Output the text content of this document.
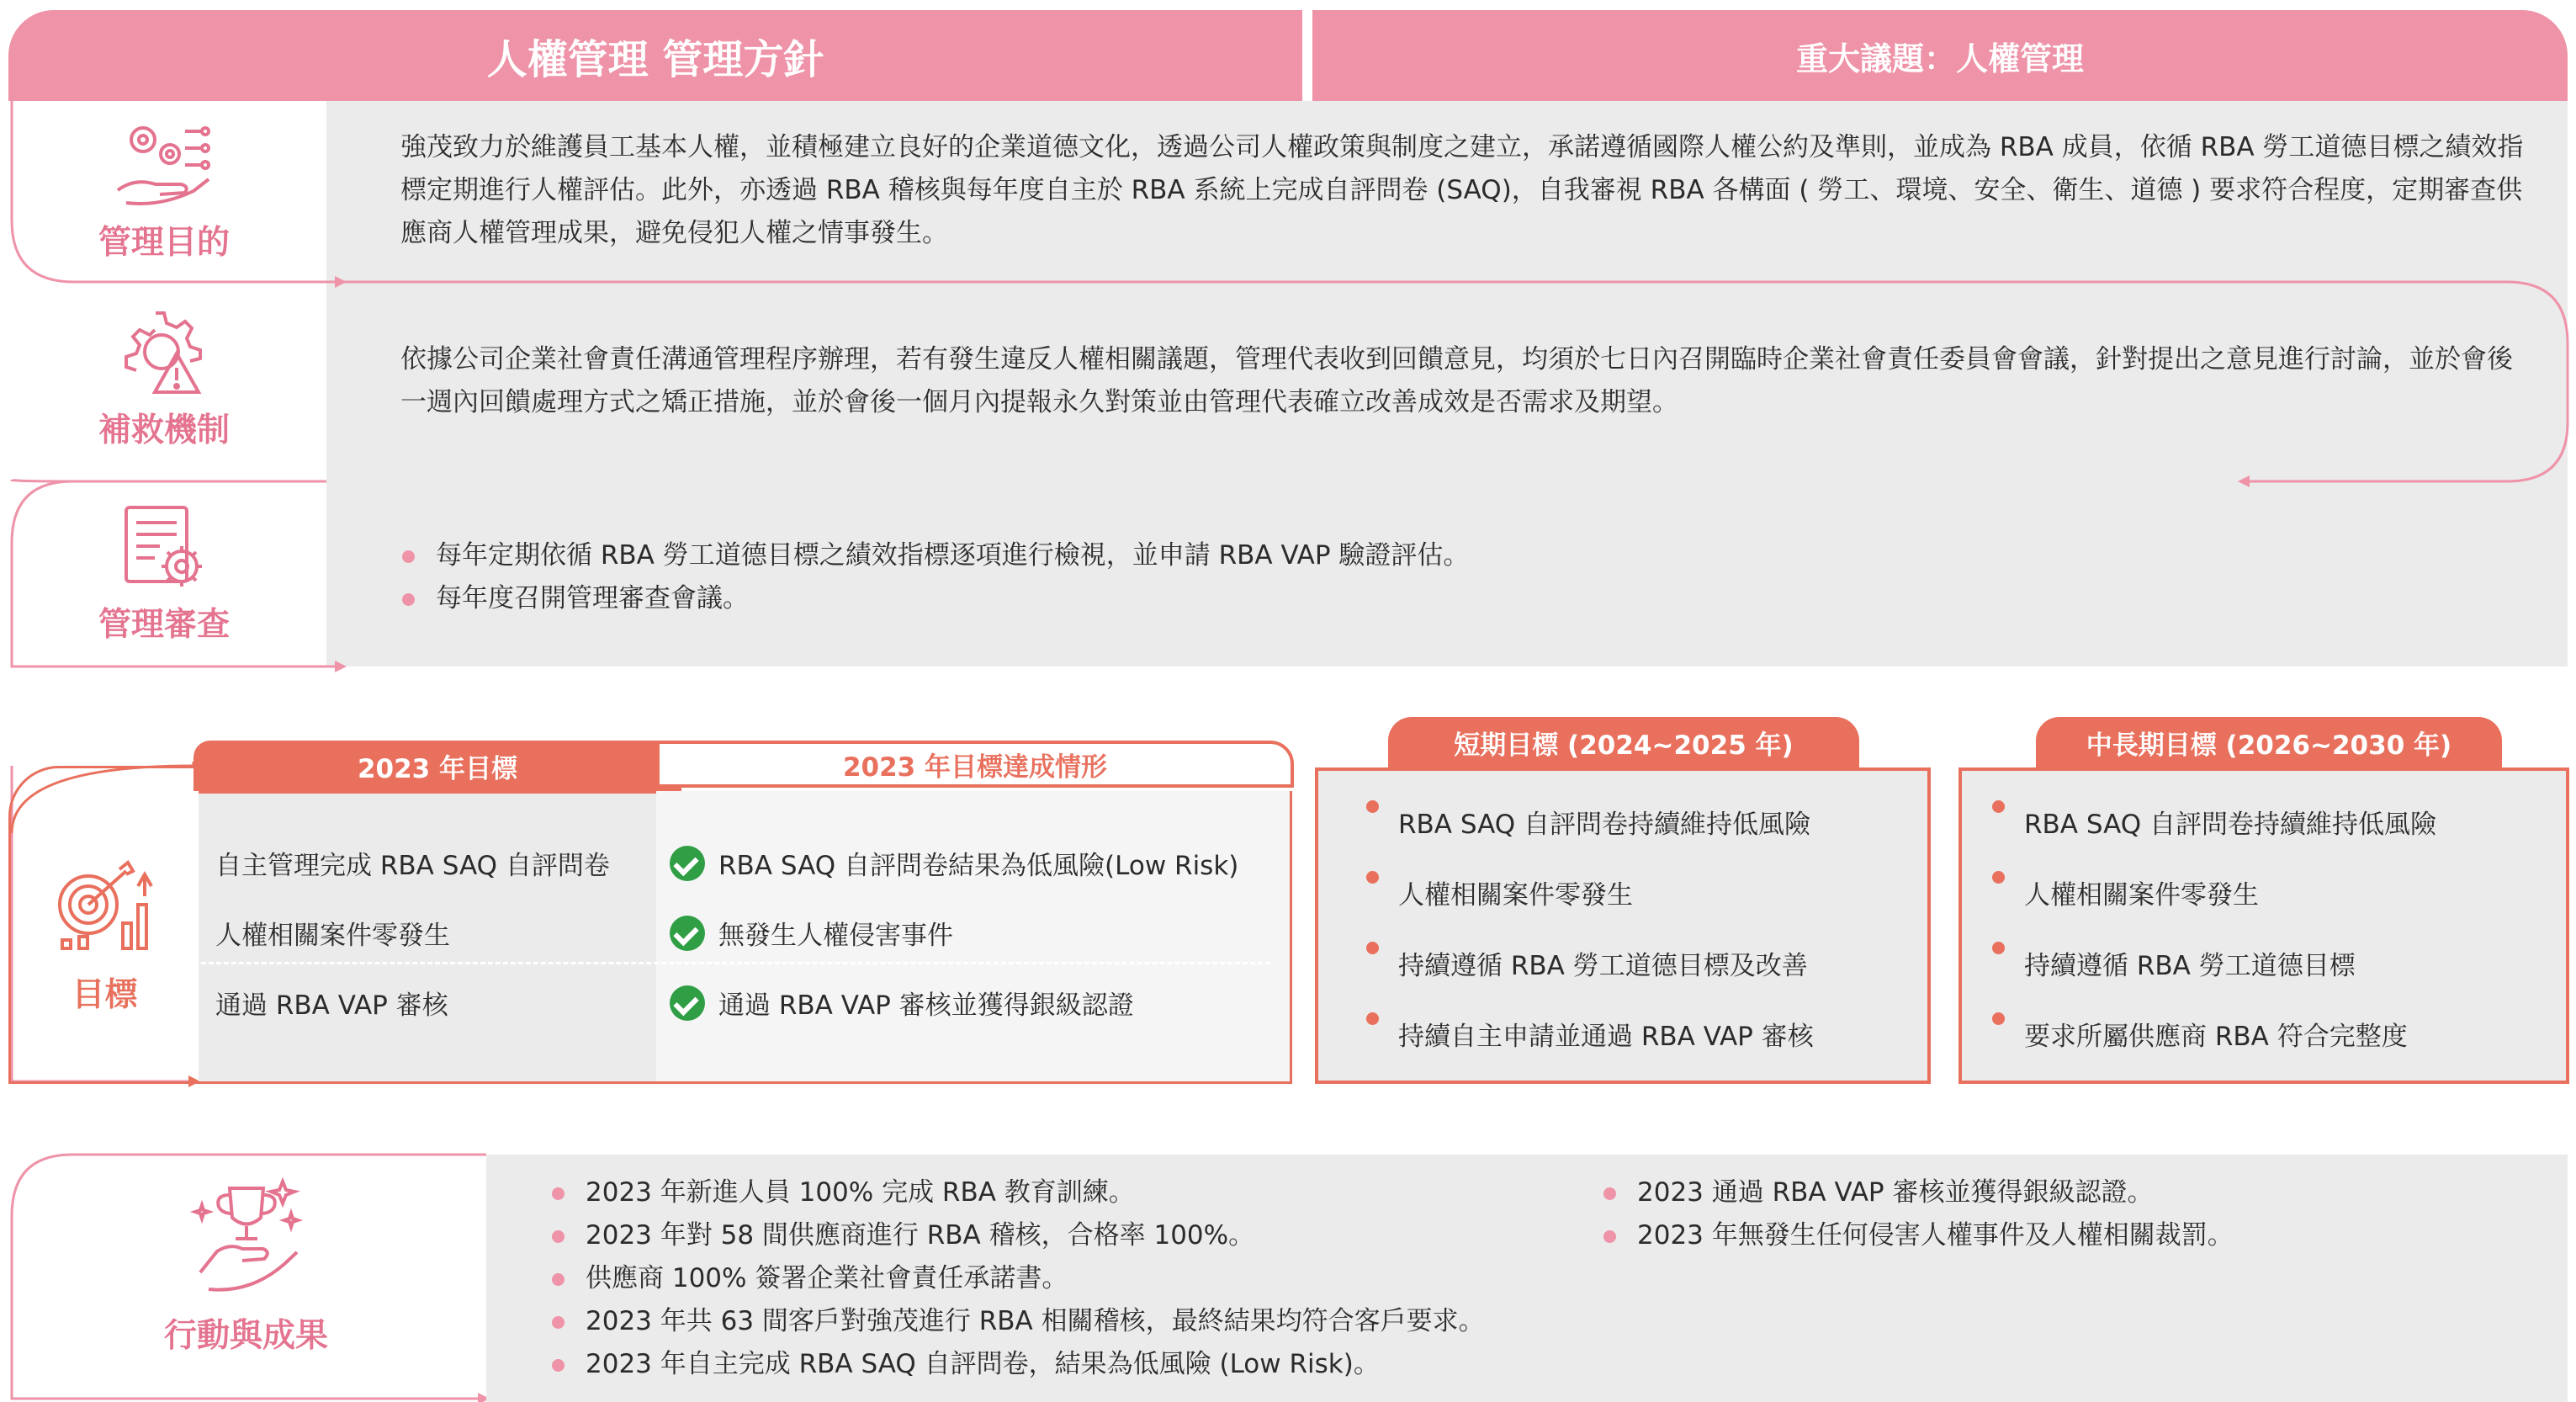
人權管理 管理方針	重大議題：人權管理
管理目的
強茂致力於維護員工基本人權，並積極建立良好的企業道德文化，透過公司人權政策與制度之建立，承諾遵循國際人權公約及準則，並成為 RBA 成員，依循 RBA 勞工道德目標之績效指標定期進行人權評估。此外，亦透過 RBA 稽核與每年度自主於 RBA 系統上完成自評問卷 (SAQ)，自我審視 RBA 各構面 ( 勞工、環境、安全、衛生、道德 ) 要求符合程度，定期審查供應商人權管理成果，避免侵犯人權之情事發生。
補救機制
依據公司企業社會責任溝通管理程序辦理，若有發生違反人權相關議題，管理代表收到回饋意見，均須於七日內召開臨時企業社會責任委員會會議，針對提出之意見進行討論，並於會後一週內回饋處理方式之矯正措施，並於會後一個月內提報永久對策並由管理代表確立改善成效是否需求及期望。
管理審查
每年定期依循 RBA 勞工道德目標之績效指標逐項進行檢視，並申請 RBA VAP 驗證評估。
每年度召開管理審查會議。
目標
2023 年目標	2023 年目標達成情形
自主管理完成 RBA SAQ 自評問卷
人權相關案件零發生
通過 RBA VAP 審核
RBA SAQ 自評問卷結果為低風險(Low Risk)
無發生人權侵害事件
通過 RBA VAP 審核並獲得銀級認證
短期目標 (2024~2025 年)
RBA SAQ 自評問卷持續維持低風險
人權相關案件零發生
持續遵循 RBA 勞工道德目標及改善
持續自主申請並通過 RBA VAP 審核
中長期目標 (2026~2030 年)
RBA SAQ 自評問卷持續維持低風險
人權相關案件零發生
持續遵循 RBA 勞工道德目標
要求所屬供應商 RBA 符合完整度
行動與成果
2023 年新進人員 100% 完成 RBA 教育訓練。
2023 年對 58 間供應商進行 RBA 稽核，合格率 100%。
供應商 100% 簽署企業社會責任承諾書。
2023 年共 63 間客戶對強茂進行 RBA 相關稽核，最終結果均符合客戶要求。
2023 年自主完成 RBA SAQ 自評問卷，結果為低風險 (Low Risk)。
2023 通過 RBA VAP 審核並獲得銀級認證。
2023 年無發生任何侵害人權事件及人權相關裁罰。
